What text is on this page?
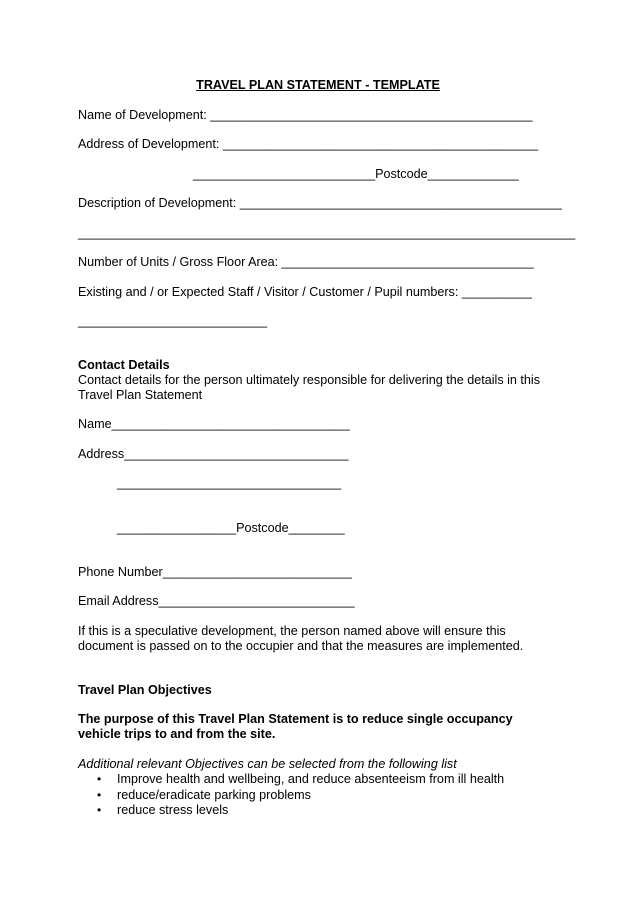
TRAVEL PLAN STATEMENT - TEMPLATE
Name of Development: ______________________________________________
Address of Development: _____________________________________________
__________________________Postcode_____________
Description of Development: ______________________________________________
_______________________________________________________________________
Number of Units / Gross Floor Area: ____________________________________
Existing and / or Expected Staff / Visitor / Customer / Pupil numbers: __________
___________________________
Contact Details
Contact details for the person ultimately responsible for delivering the details in this
Travel Plan Statement
Name__________________________________
Address________________________________
________________________________
_________________Postcode________
Phone Number___________________________
Email Address____________________________
If this is a speculative development, the person named above will ensure this
document is passed on to the occupier and that the measures are implemented.
Travel Plan Objectives
The purpose of this Travel Plan Statement is to reduce single occupancy
vehicle trips to and from the site.
Additional relevant Objectives can be selected from the following list
• Improve health and wellbeing, and reduce absenteeism from ill health
• reduce/eradicate parking problems
• reduce stress levels
